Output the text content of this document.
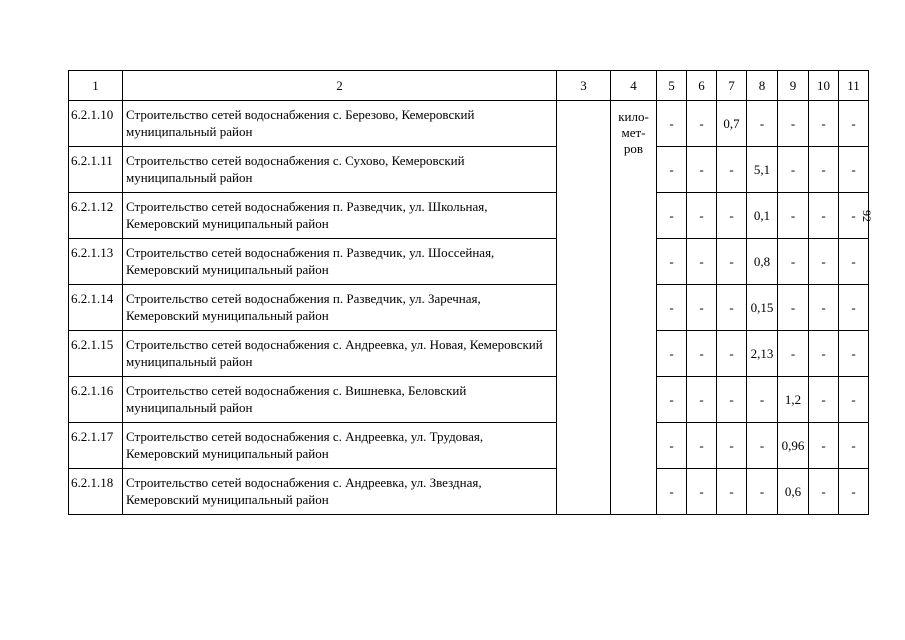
1	2	3	4	5	6	7	8	9	10	11
6.2.1.10	Строительство сетей водоснабжения с. Березово, Кемеровский муниципальный район		кило-
мет-
ров	-	-	0,7	-	-	-	-
6.2.1.11	Строительство сетей водоснабжения с. Сухово, Кемеровский муниципальный район			-	-	-	5,1	-	-	-
6.2.1.12	Строительство сетей водоснабжения п. Разведчик, ул. Школьная, Кемеровский муниципальный район			-	-	-	0,1	-	-	-
6.2.1.13	Строительство сетей водоснабжения п. Разведчик, ул. Шоссейная, Кемеровский муниципальный район			-	-	-	0,8	-	-	-
6.2.1.14	Строительство сетей водоснабжения п. Разведчик, ул. Заречная, Кемеровский муниципальный район			-	-	-	0,15	-	-	-
6.2.1.15	Строительство сетей водоснабжения с. Андреевка, ул. Новая, Кемеровский муниципальный район			-	-	-	2,13	-	-	-
6.2.1.16	Строительство сетей водоснабжения с. Вишневка, Беловский муниципальный район			-	-	-	-	1,2	-	-
6.2.1.17	Строительство сетей водоснабжения с. Андреевка, ул. Трудовая, Кемеровский муниципальный район			-	-	-	-	0,96	-	-
6.2.1.18	Строительство сетей водоснабжения с. Андреевка, ул. Звездная, Кемеровский муниципальный район			-	-	-	-	0,6	-	-
92
